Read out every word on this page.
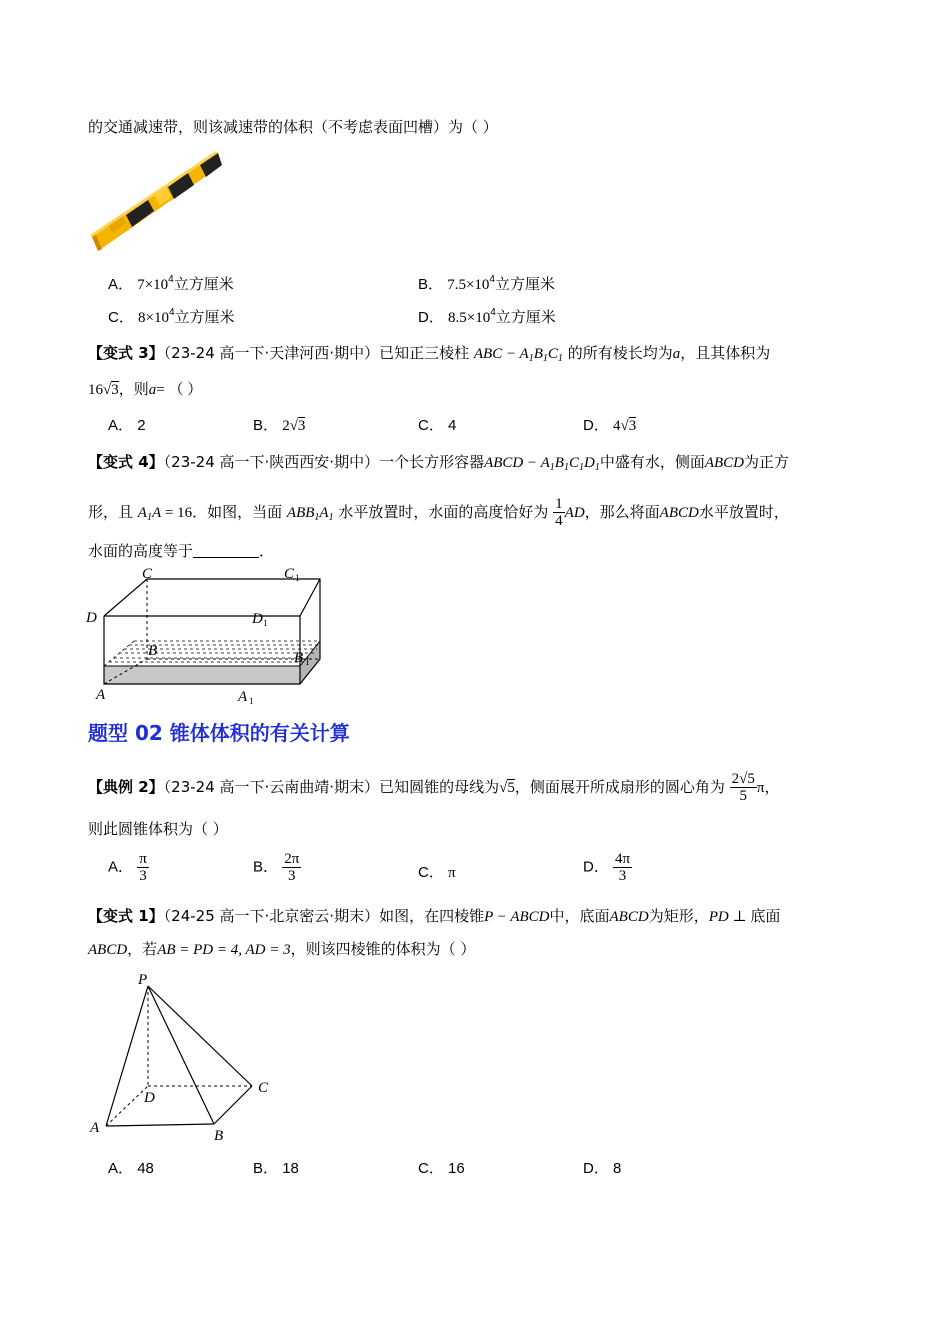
的交通减速带，则该减速带的体积（不考虑表面凹槽）为（ ）
A． $7\times 10^4$立方厘米	B． $7.5\times 10^4$立方厘米
C． $8\times 10^4$立方厘米	D． $8.5\times 10^4$立方厘米
【变式 3】（23-24 高一下·天津河西·期中）已知正三棱柱 ABC − $A_1B_1C_1$ 的所有棱长均为a，且其体积为
16√3，则a= （ ）
A． 2	B． 2√3	C． 4	D． 4√3
【变式 4】（23-24 高一下·陕西西安·期中）一个长方形容器ABCD − $A_1B_1C_1D_1$中盛有水，侧面ABCD为正方
形，且 $A_1A = 16$．如图，当面 $ABB_1A_1$ 水平放置时，水面的高度恰好为 $\frac{1}{4}$ AD，那么将面ABCD水平放置时，
水面的高度等于	．
C	C 1
D	D 1
B	B 1
A	A 1
题型 02 锥体体积的有关计算
【典例 2】（23-24 高一下·云南曲靖·期末）已知圆锥的母线为√5，侧面展开所成扇形的圆心角为 $\frac{2√5}{5}$ π，
则此圆锥体积为（ ）
A． $\frac{\pi}{3}$	B． $\frac{2\pi}{3}$	C． π	D． $\frac{4\pi}{3}$
【变式 1】（24-25 高一下·北京密云·期末）如图，在四棱锥P − ABCD中，底面ABCD为矩形，PD ⊥ 底面
ABCD，若AB = PD = 4, AD = 3，则该四棱锥的体积为（ ）
P
A	B
C
D
A． 48	B． 18	C． 16	D． 8
